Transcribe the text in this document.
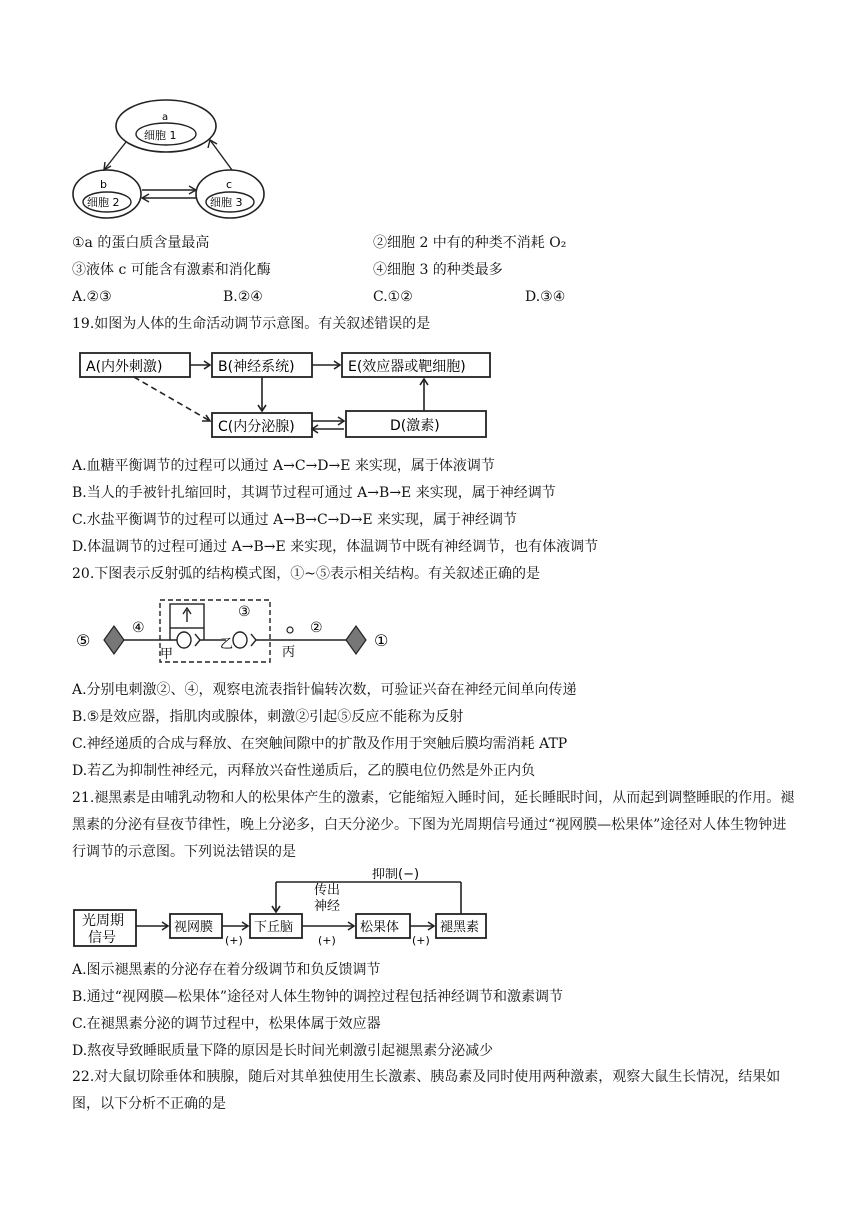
a
细胞 1
b
细胞 2
c
细胞 3
①a 的蛋白质含量最高	②细胞 2 中有的种类不消耗 O₂
③液体 c 可能含有激素和消化酶	④细胞 3 的种类最多
A.②③	B.②④	C.①②	D.③④
19.如图为人体的生命活动调节示意图。有关叙述错误的是
A(内外刺激)	B(神经系统)	E(效应器或靶细胞)
C(内分泌腺)	D(激素)
A.血糖平衡调节的过程可以通过 A→C→D→E 来实现，属于体液调节
B.当人的手被针扎缩回时，其调节过程可通过 A→B→E 来实现，属于神经调节
C.水盐平衡调节的过程可以通过 A→B→C→D→E 来实现，属于神经调节
D.体温调节的过程可通过 A→B→E 来实现，体温调节中既有神经调节，也有体液调节
20.下图表示反射弧的结构模式图，①~⑤表示相关结构。有关叙述正确的是
⑤
④
③
甲
乙
丙
②
①
A.分别电刺激②、④，观察电流表指针偏转次数，可验证兴奋在神经元间单向传递
B.⑤是效应器，指肌肉或腺体，刺激②引起⑤反应不能称为反射
C.神经递质的合成与释放、在突触间隙中的扩散及作用于突触后膜均需消耗 ATP
D.若乙为抑制性神经元，丙释放兴奋性递质后，乙的膜电位仍然是外正内负
21.褪黑素是由哺乳动物和人的松果体产生的激素，它能缩短入睡时间，延长睡眠时间，从而起到调整睡眠的作用。褪黑素的分泌有昼夜节律性，晚上分泌多，白天分泌少。下图为光周期信号通过“视网膜—松果体”途径对人体生物钟进行调节的示意图。下列说法错误的是
光周期
信号
视网膜
(+)
下丘脑
传出
神经
(+)
松果体
(+)
褪黑素
抑制(−)
A.图示褪黑素的分泌存在着分级调节和负反馈调节
B.通过“视网膜—松果体”途径对人体生物钟的调控过程包括神经调节和激素调节
C.在褪黑素分泌的调节过程中，松果体属于效应器
D.熬夜导致睡眠质量下降的原因是长时间光刺激引起褪黑素分泌减少
22.对大鼠切除垂体和胰腺，随后对其单独使用生长激素、胰岛素及同时使用两种激素，观察大鼠生长情况，结果如图，以下分析不正确的是
